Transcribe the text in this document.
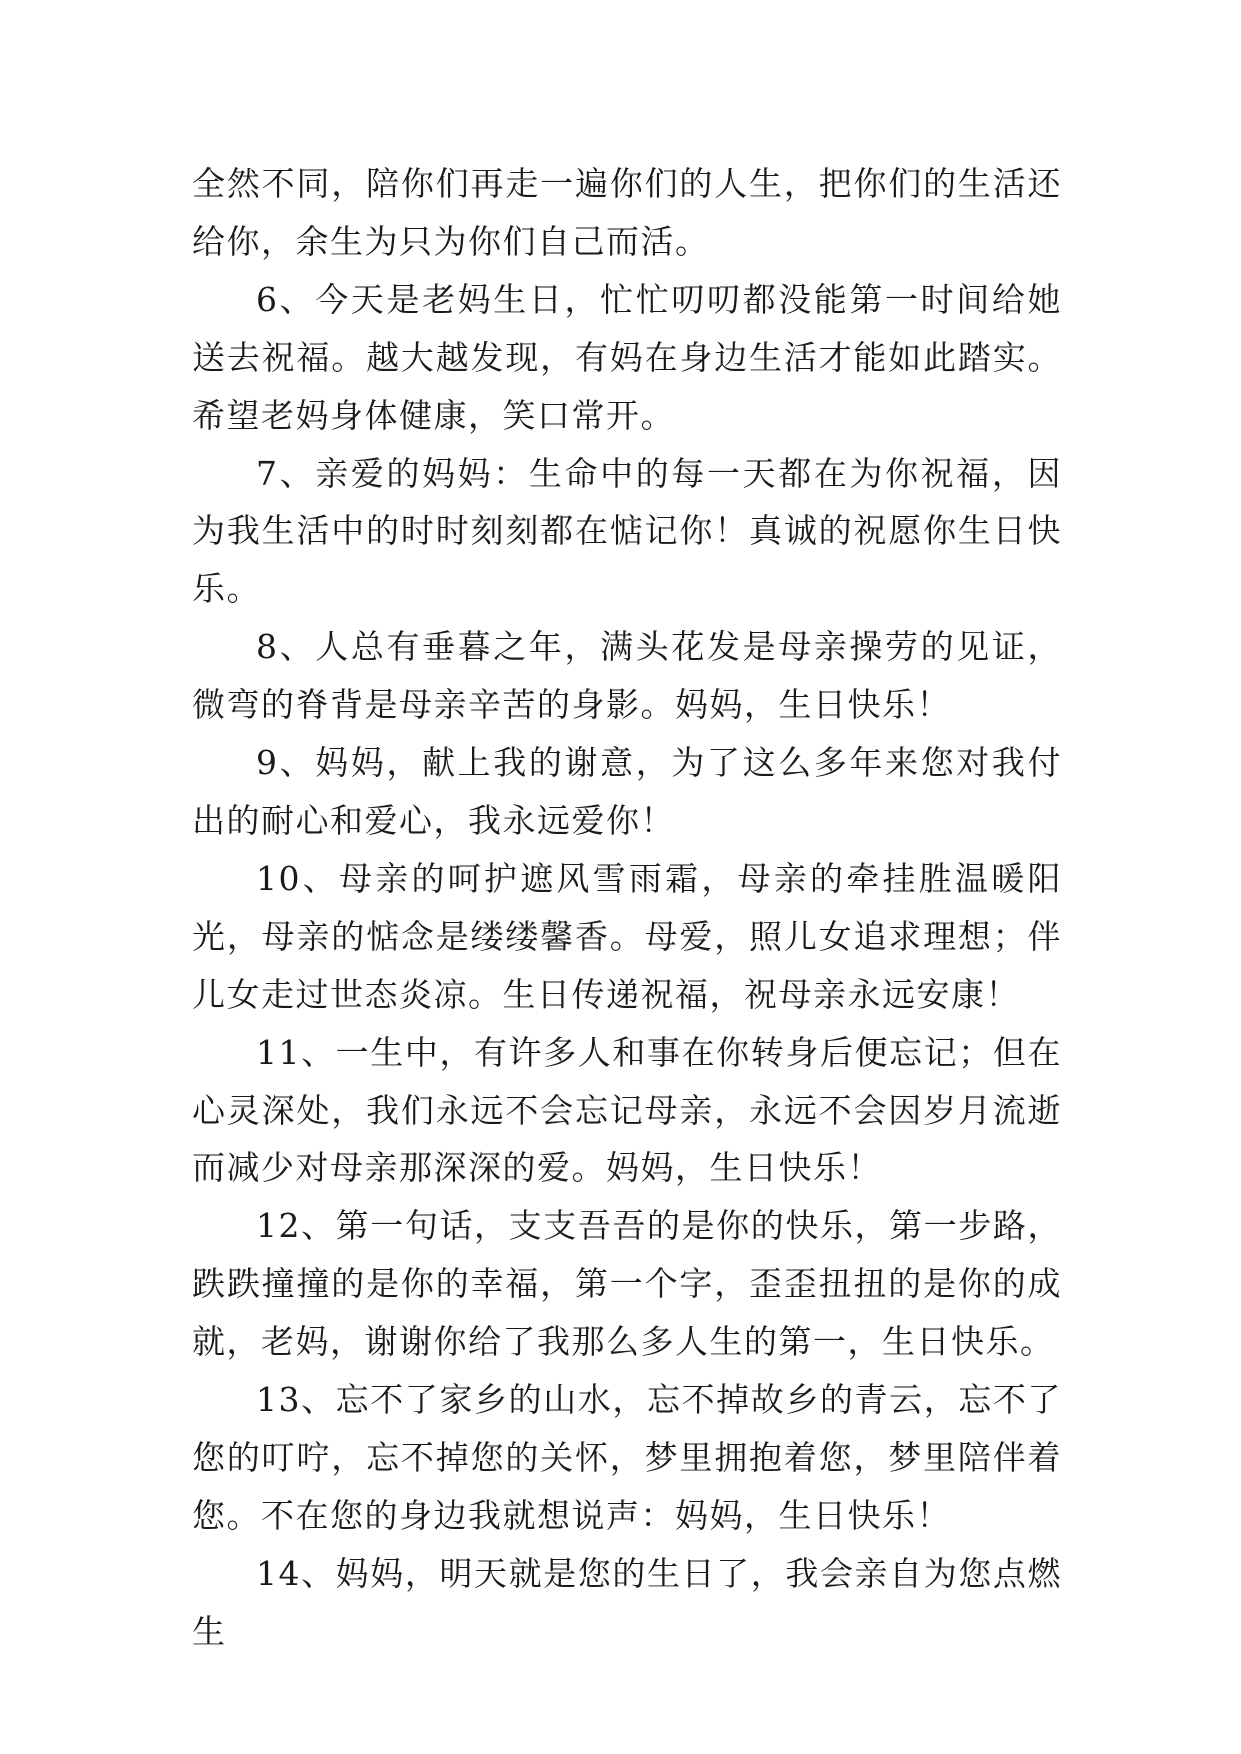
全然不同，陪你们再走一遍你们的人生，把你们的生活还给你，余生为只为你们自己而活。

6、今天是老妈生日，忙忙叨叨都没能第一时间给她送去祝福。越大越发现，有妈在身边生活才能如此踏实。希望老妈身体健康，笑口常开。

7、亲爱的妈妈：生命中的每一天都在为你祝福，因为我生活中的时时刻刻都在惦记你！真诚的祝愿你生日快乐。

8、人总有垂暮之年，满头花发是母亲操劳的见证，微弯的脊背是母亲辛苦的身影。妈妈，生日快乐！

9、妈妈，献上我的谢意，为了这么多年来您对我付出的耐心和爱心，我永远爱你！

10、母亲的呵护遮风雪雨霜，母亲的牵挂胜温暖阳光，母亲的惦念是缕缕馨香。母爱，照儿女追求理想；伴儿女走过世态炎凉。生日传递祝福，祝母亲永远安康！

11、一生中，有许多人和事在你转身后便忘记；但在心灵深处，我们永远不会忘记母亲，永远不会因岁月流逝而减少对母亲那深深的爱。妈妈，生日快乐！

12、第一句话，支支吾吾的是你的快乐，第一步路，跌跌撞撞的是你的幸福，第一个字，歪歪扭扭的是你的成就，老妈，谢谢你给了我那么多人生的第一，生日快乐。

13、忘不了家乡的山水，忘不掉故乡的青云，忘不了您的叮咛，忘不掉您的关怀，梦里拥抱着您，梦里陪伴着您。不在您的身边我就想说声：妈妈，生日快乐！

14、妈妈，明天就是您的生日了，我会亲自为您点燃生
